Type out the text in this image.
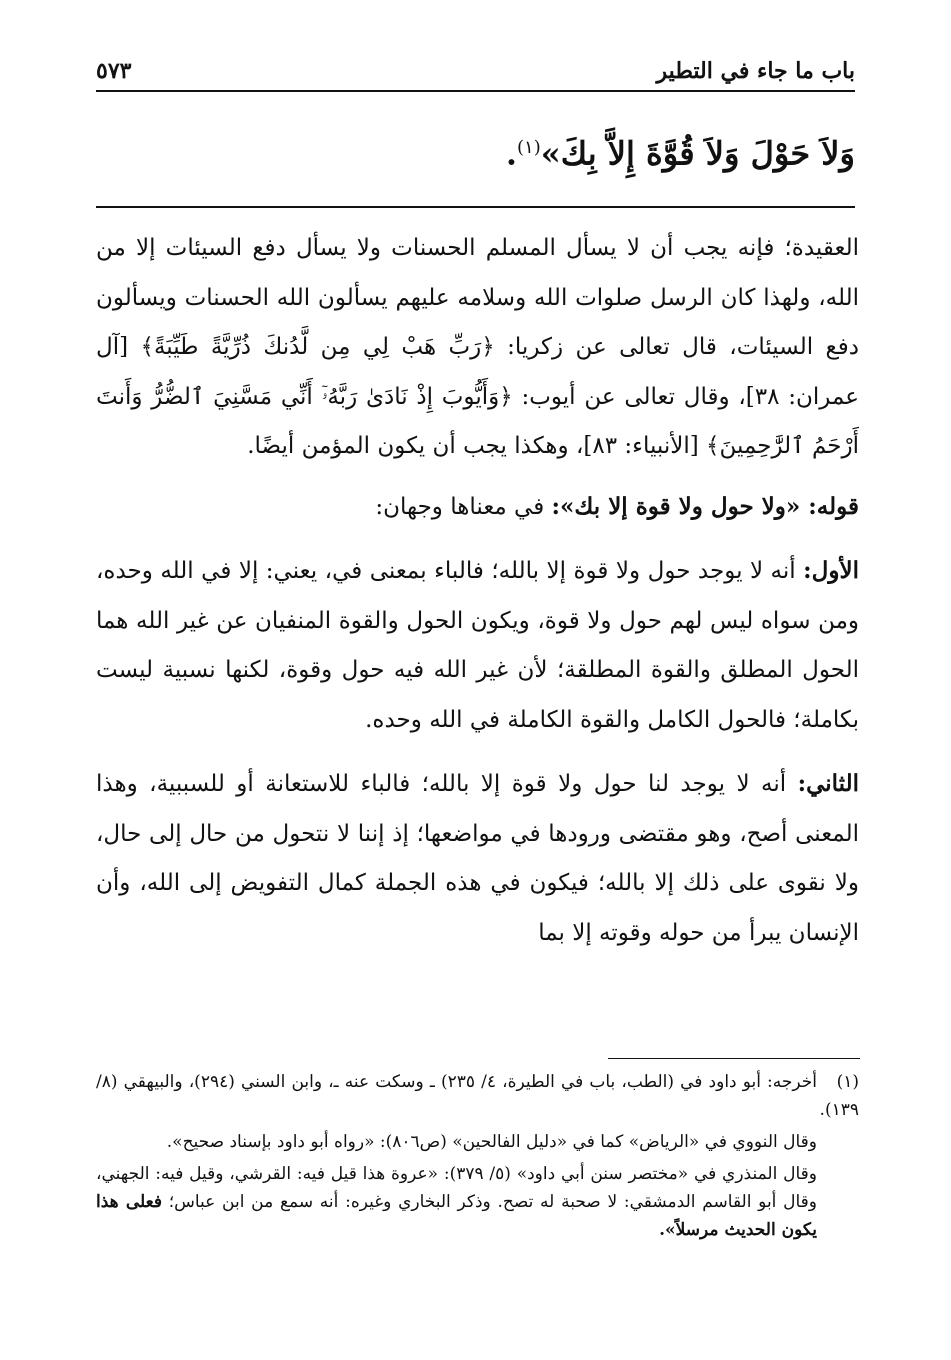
باب ما جاء في التطير
٥٧٣
وَلاَ حَوْلَ وَلاَ قُوَّةَ إِلاَّ بِكَ»$^{(١)}$.

العقيدة؛ فإنه يجب أن لا يسأل المسلم الحسنات ولا يسأل دفع السيئات إلا من الله، ولهذا كان الرسل صلوات الله وسلامه عليهم يسألون الله الحسنات ويسألون دفع السيئات، قال تعالى عن زكريا: ﴿رَبِّ هَبْ لِي مِن لَّدُنكَ ذُرِّيَّةً طَيِّبَةً﴾ [آل عمران: ٣٨]، وقال تعالى عن أيوب: ﴿وَأَيُّوبَ إِذْ نَادَىٰ رَبَّهُۥٓ أَنِّي مَسَّنِيَ ٱلضُّرُّ وَأَنتَ أَرْحَمُ ٱلرَّٰحِمِينَ﴾ [الأنبياء: ٨٣]، وهكذا يجب أن يكون المؤمن أيضًا.

قوله: «ولا حول ولا قوة إلا بك»: في معناها وجهان:

الأول: أنه لا يوجد حول ولا قوة إلا بالله؛ فالباء بمعنى في، يعني: إلا في الله وحده، ومن سواه ليس لهم حول ولا قوة، ويكون الحول والقوة المنفيان عن غير الله هما الحول المطلق والقوة المطلقة؛ لأن غير الله فيه حول وقوة، لكنها نسبية ليست بكاملة؛ فالحول الكامل والقوة الكاملة في الله وحده.

الثاني: أنه لا يوجد لنا حول ولا قوة إلا بالله؛ فالباء للاستعانة أو للسببية، وهذا المعنى أصح، وهو مقتضى ورودها في مواضعها؛ إذ إننا لا نتحول من حال إلى حال، ولا نقوى على ذلك إلا بالله؛ فيكون في هذه الجملة كمال التفويض إلى الله، وأن الإنسان يبرأ من حوله وقوته إلا بما

(١)أخرجه: أبو داود في (الطب، باب في الطيرة، ٤/ ٢٣٥) ـ وسكت عنه ـ، وابن السني (٢٩٤)، والبيهقي (٨/ ١٣٩).

وقال النووي في «الرياض» كما في «دليل الفالحين» (ص٨٠٦): «رواه أبو داود بإسناد صحيح».

وقال المنذري في «مختصر سنن أبي داود» (٥/ ٣٧٩): «عروة هذا قيل فيه: القرشي، وقيل فيه: الجهني، وقال أبو القاسم الدمشقي: لا صحبة له تصح. وذكر البخاري وغيره: أنه سمع من ابن عباس؛ فعلى هذا يكون الحديث مرسلاً».
